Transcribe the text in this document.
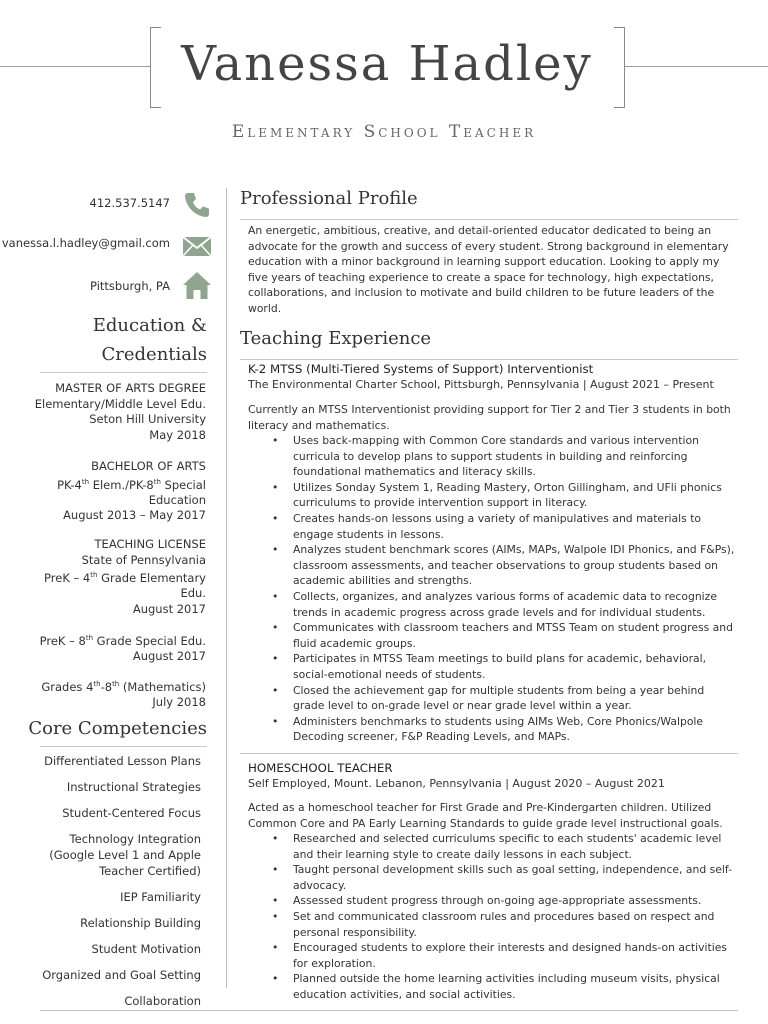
Vanessa Hadley
Elementary School Teacher
412.537.5147
vanessa.l.hadley@gmail.com
Pittsburgh, PA
Education &
Credentials
MASTER OF ARTS DEGREE
Elementary/Middle Level Edu.
Seton Hill University
May 2018
BACHELOR OF ARTS
PK-4th Elem./PK-8th Special
Education
August 2013 – May 2017
TEACHING LICENSE
State of Pennsylvania
PreK – 4th Grade Elementary
Edu.
August 2017
PreK – 8th Grade Special Edu.
August 2017
Grades 4th-8th (Mathematics)
July 2018
Core Competencies
Differentiated Lesson Plans
Instructional Strategies
Student-Centered Focus
Technology Integration (Google Level 1 and Apple Teacher Certified)
IEP Familiarity
Relationship Building
Student Motivation
Organized and Goal Setting
Collaboration
Professional Profile
An energetic, ambitious, creative, and detail-oriented educator dedicated to being an advocate for the growth and success of every student. Strong background in elementary education with a minor background in learning support education. Looking to apply my five years of teaching experience to create a space for technology, high expectations, collaborations, and inclusion to motivate and build children to be future leaders of the world.
Teaching Experience
K-2 MTSS (Multi-Tiered Systems of Support) Interventionist
The Environmental Charter School, Pittsburgh, Pennsylvania | August 2021 – Present
Currently an MTSS Interventionist providing support for Tier 2 and Tier 3 students in both literacy and mathematics.
• Uses back-mapping with Common Core standards and various intervention curricula to develop plans to support students in building and reinforcing foundational mathematics and literacy skills.
• Utilizes Sonday System 1, Reading Mastery, Orton Gillingham, and UFli phonics curriculums to provide intervention support in literacy.
• Creates hands-on lessons using a variety of manipulatives and materials to engage students in lessons.
• Analyzes student benchmark scores (AIMs, MAPs, Walpole IDI Phonics, and F&Ps), classroom assessments, and teacher observations to group students based on academic abilities and strengths.
• Collects, organizes, and analyzes various forms of academic data to recognize trends in academic progress across grade levels and for individual students.
• Communicates with classroom teachers and MTSS Team on student progress and fluid academic groups.
• Participates in MTSS Team meetings to build plans for academic, behavioral, social-emotional needs of students.
• Closed the achievement gap for multiple students from being a year behind grade level to on-grade level or near grade level within a year.
• Administers benchmarks to students using AIMs Web, Core Phonics/Walpole Decoding screener, F&P Reading Levels, and MAPs.
HOMESCHOOL TEACHER
Self Employed, Mount. Lebanon, Pennsylvania | August 2020 – August 2021
Acted as a homeschool teacher for First Grade and Pre-Kindergarten children. Utilized Common Core and PA Early Learning Standards to guide grade level instructional goals.
• Researched and selected curriculums specific to each students' academic level and their learning style to create daily lessons in each subject.
• Taught personal development skills such as goal setting, independence, and self-advocacy.
• Assessed student progress through on-going age-appropriate assessments.
• Set and communicated classroom rules and procedures based on respect and personal responsibility.
• Encouraged students to explore their interests and designed hands-on activities for exploration.
• Planned outside the home learning activities including museum visits, physical education activities, and social activities.
